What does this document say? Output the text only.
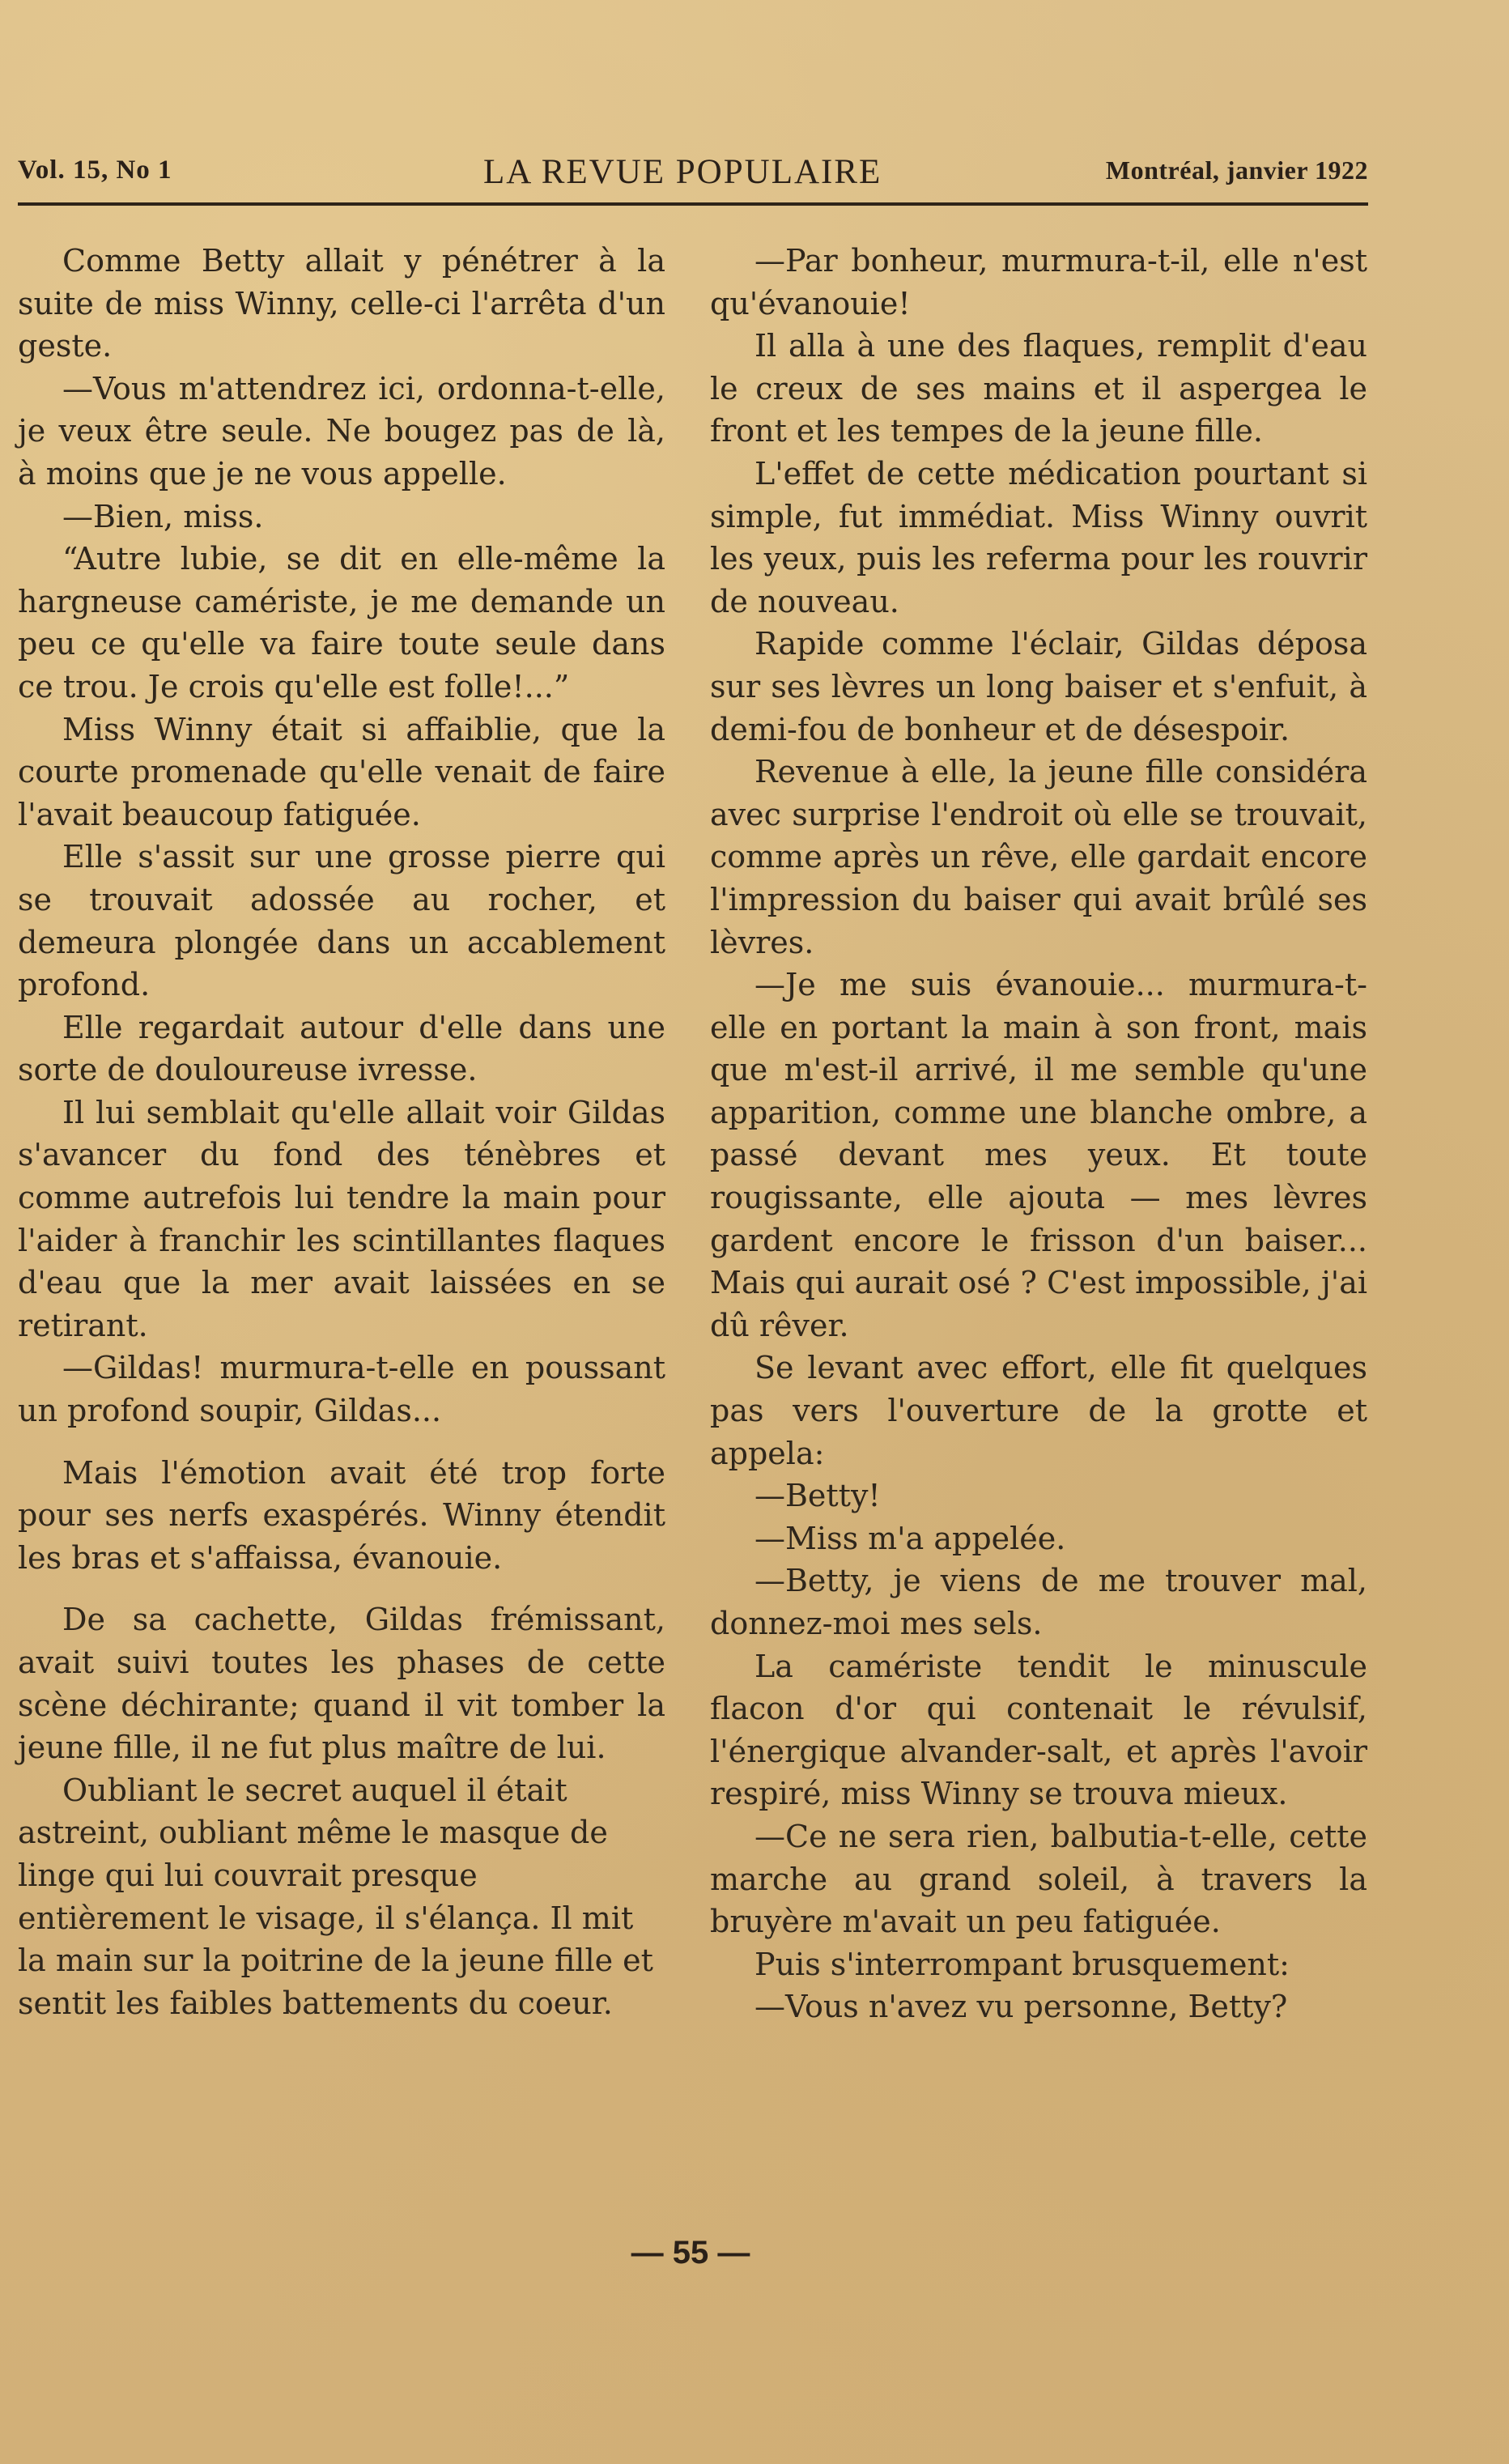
Vol. 15, No 1	LA REVUE POPULAIRE	Montréal, janvier 1922

Comme Betty allait y pénétrer à la suite de miss Winny, celle-ci l'arrêta d'un geste.

—Vous m'attendrez ici, ordonna-t-elle, je veux être seule. Ne bougez pas de là, à moins que je ne vous appelle.

—Bien, miss.

“Autre lubie, se dit en elle-même la hargneuse camériste, je me demande un peu ce qu'elle va faire toute seule dans ce trou. Je crois qu'elle est folle!...”

Miss Winny était si affaiblie, que la courte promenade qu'elle venait de faire l'avait beaucoup fatiguée.

Elle s'assit sur une grosse pierre qui se trouvait adossée au rocher, et demeura plongée dans un accablement profond.

Elle regardait autour d'elle dans une sorte de douloureuse ivresse.

Il lui semblait qu'elle allait voir Gildas s'avancer du fond des ténèbres et comme autrefois lui tendre la main pour l'aider à franchir les scintillantes flaques d'eau que la mer avait laissées en se retirant.

—Gildas! murmura-t-elle en poussant un profond soupir, Gildas...

Mais l'émotion avait été trop forte pour ses nerfs exaspérés. Winny étendit les bras et s'affaissa, évanouie.

De sa cachette, Gildas frémissant, avait suivi toutes les phases de cette scène déchirante; quand il vit tomber la jeune fille, il ne fut plus maître de lui.

Oubliant le secret auquel il était astreint, oubliant même le masque de linge qui lui couvrait presque entièrement le visage, il s'élança. Il mit la main sur la poitrine de la jeune fille et sentit les faibles battements du coeur.

—Par bonheur, murmura-t-il, elle n'est qu'évanouie!

Il alla à une des flaques, remplit d'eau le creux de ses mains et il aspergea le front et les tempes de la jeune fille.

L'effet de cette médication pourtant si simple, fut immédiat. Miss Winny ouvrit les yeux, puis les referma pour les rouvrir de nouveau.

Rapide comme l'éclair, Gildas déposa sur ses lèvres un long baiser et s'enfuit, à demi-fou de bonheur et de désespoir.

Revenue à elle, la jeune fille considéra avec surprise l'endroit où elle se trouvait, comme après un rêve, elle gardait encore l'impression du baiser qui avait brûlé ses lèvres.

—Je me suis évanouie... murmura-t-elle en portant la main à son front, mais que m'est-il arrivé, il me semble qu'une apparition, comme une blanche ombre, a passé devant mes yeux. Et toute rougissante, elle ajouta — mes lèvres gardent encore le frisson d'un baiser... Mais qui aurait osé ? C'est impossible, j'ai dû rêver.

Se levant avec effort, elle fit quelques pas vers l'ouverture de la grotte et appela:

—Betty!

—Miss m'a appelée.

—Betty, je viens de me trouver mal, donnez-moi mes sels.

La camériste tendit le minuscule flacon d'or qui contenait le révulsif, l'énergique alvander-salt, et après l'avoir respiré, miss Winny se trouva mieux.

—Ce ne sera rien, balbutia-t-elle, cette marche au grand soleil, à travers la bruyère m'avait un peu fatiguée.

Puis s'interrompant brusquement:

—Vous n'avez vu personne, Betty?

— 55 —
